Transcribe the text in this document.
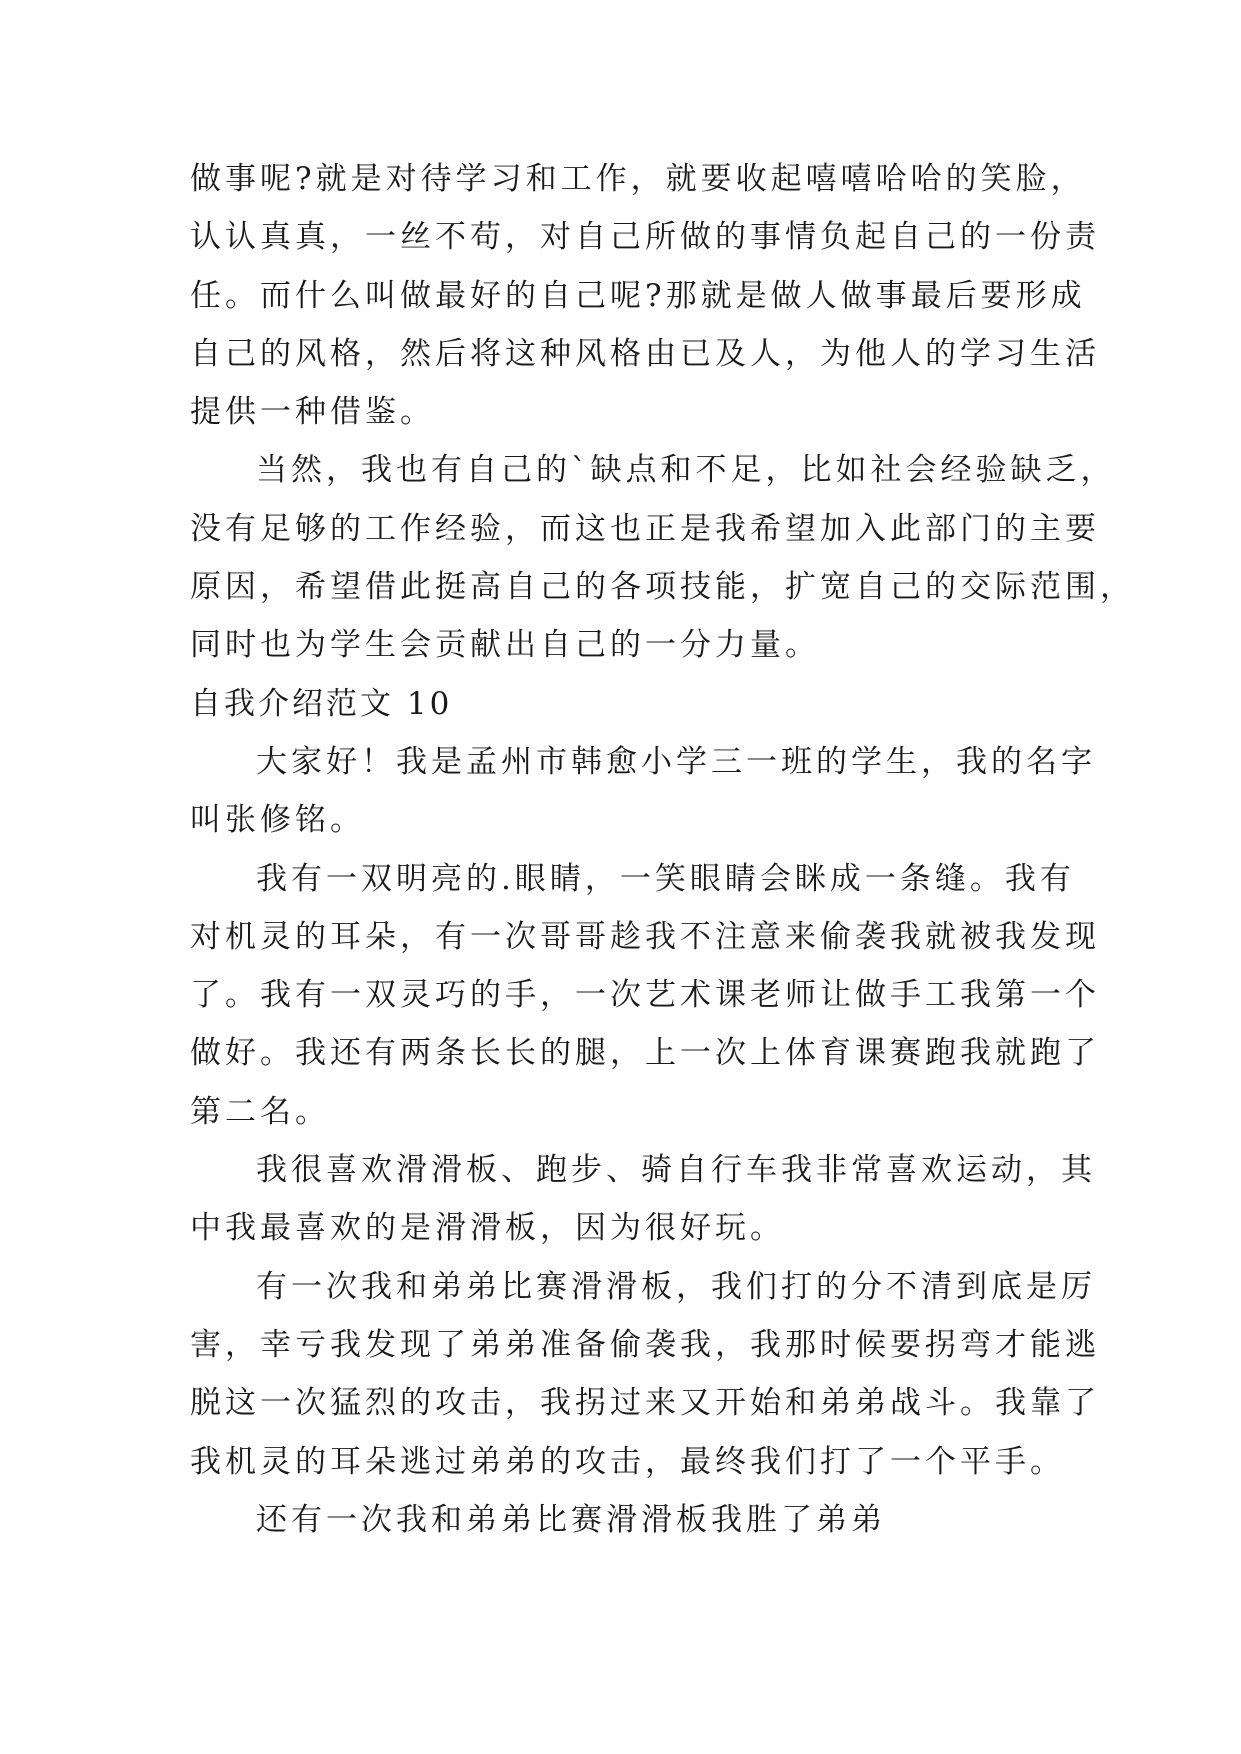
做事呢?就是对待学习和工作，就要收起嘻嘻哈哈的笑脸，
认认真真，一丝不苟，对自己所做的事情负起自己的一份责
任。而什么叫做最好的自己呢?那就是做人做事最后要形成
自己的风格，然后将这种风格由已及人，为他人的学习生活
提供一种借鉴。
当然，我也有自己的`缺点和不足，比如社会经验缺乏，
没有足够的工作经验，而这也正是我希望加入此部门的主要
原因，希望借此挺高自己的各项技能，扩宽自己的交际范围，
同时也为学生会贡献出自己的一分力量。
自我介绍范文 10
大家好！我是孟州市韩愈小学三一班的学生，我的名字
叫张修铭。
我有一双明亮的.眼睛，一笑眼睛会眯成一条缝。我有
对机灵的耳朵，有一次哥哥趁我不注意来偷袭我就被我发现
了。我有一双灵巧的手，一次艺术课老师让做手工我第一个
做好。我还有两条长长的腿，上一次上体育课赛跑我就跑了
第二名。
我很喜欢滑滑板、跑步、骑自行车我非常喜欢运动，其
中我最喜欢的是滑滑板，因为很好玩。
有一次我和弟弟比赛滑滑板，我们打的分不清到底是厉
害，幸亏我发现了弟弟准备偷袭我，我那时候要拐弯才能逃
脱这一次猛烈的攻击，我拐过来又开始和弟弟战斗。我靠了
我机灵的耳朵逃过弟弟的攻击，最终我们打了一个平手。
还有一次我和弟弟比赛滑滑板我胜了弟弟
